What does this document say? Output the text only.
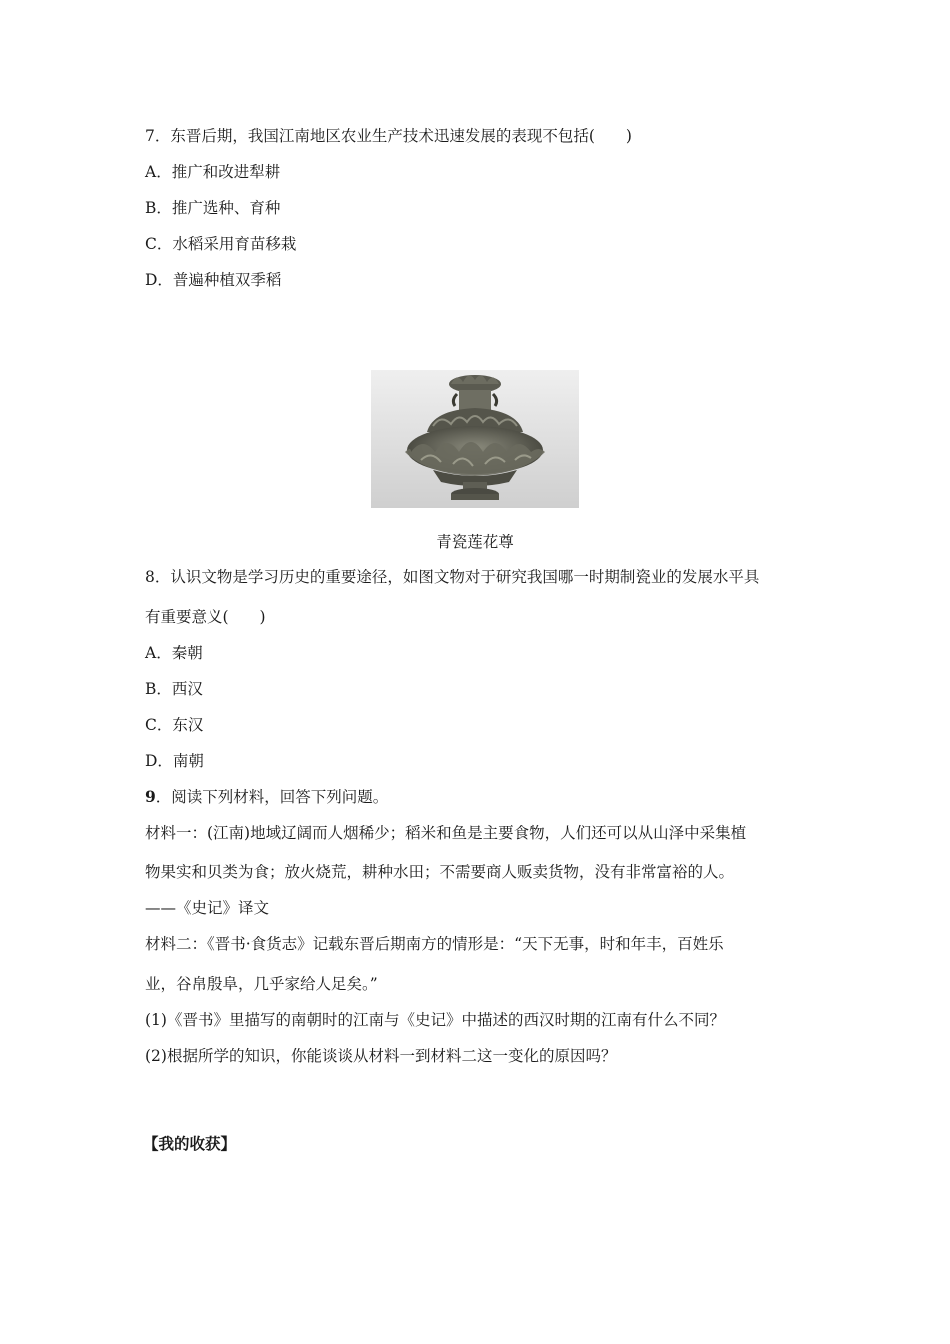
7．东晋后期，我国江南地区农业生产技术迅速发展的表现不包括(　　)
A．推广和改进犁耕
B．推广选种、育种
C．水稻采用育苗移栽
D．普遍种植双季稻
青瓷莲花尊
8．认识文物是学习历史的重要途径，如图文物对于研究我国哪一时期制瓷业的发展水平具
有重要意义(　　)
A．秦朝
B．西汉
C．东汉
D．南朝
9．阅读下列材料，回答下列问题。
材料一：(江南)地域辽阔而人烟稀少；稻米和鱼是主要食物，人们还可以从山泽中采集植
物果实和贝类为食；放火烧荒，耕种水田；不需要商人贩卖货物，没有非常富裕的人。
——《史记》译文
材料二：《晋书·食货志》记载东晋后期南方的情形是：“天下无事，时和年丰，百姓乐
业，谷帛殷阜，几乎家给人足矣。”
(1)《晋书》里描写的南朝时的江南与《史记》中描述的西汉时期的江南有什么不同？
(2)根据所学的知识，你能谈谈从材料一到材料二这一变化的原因吗？
【我的收获】
